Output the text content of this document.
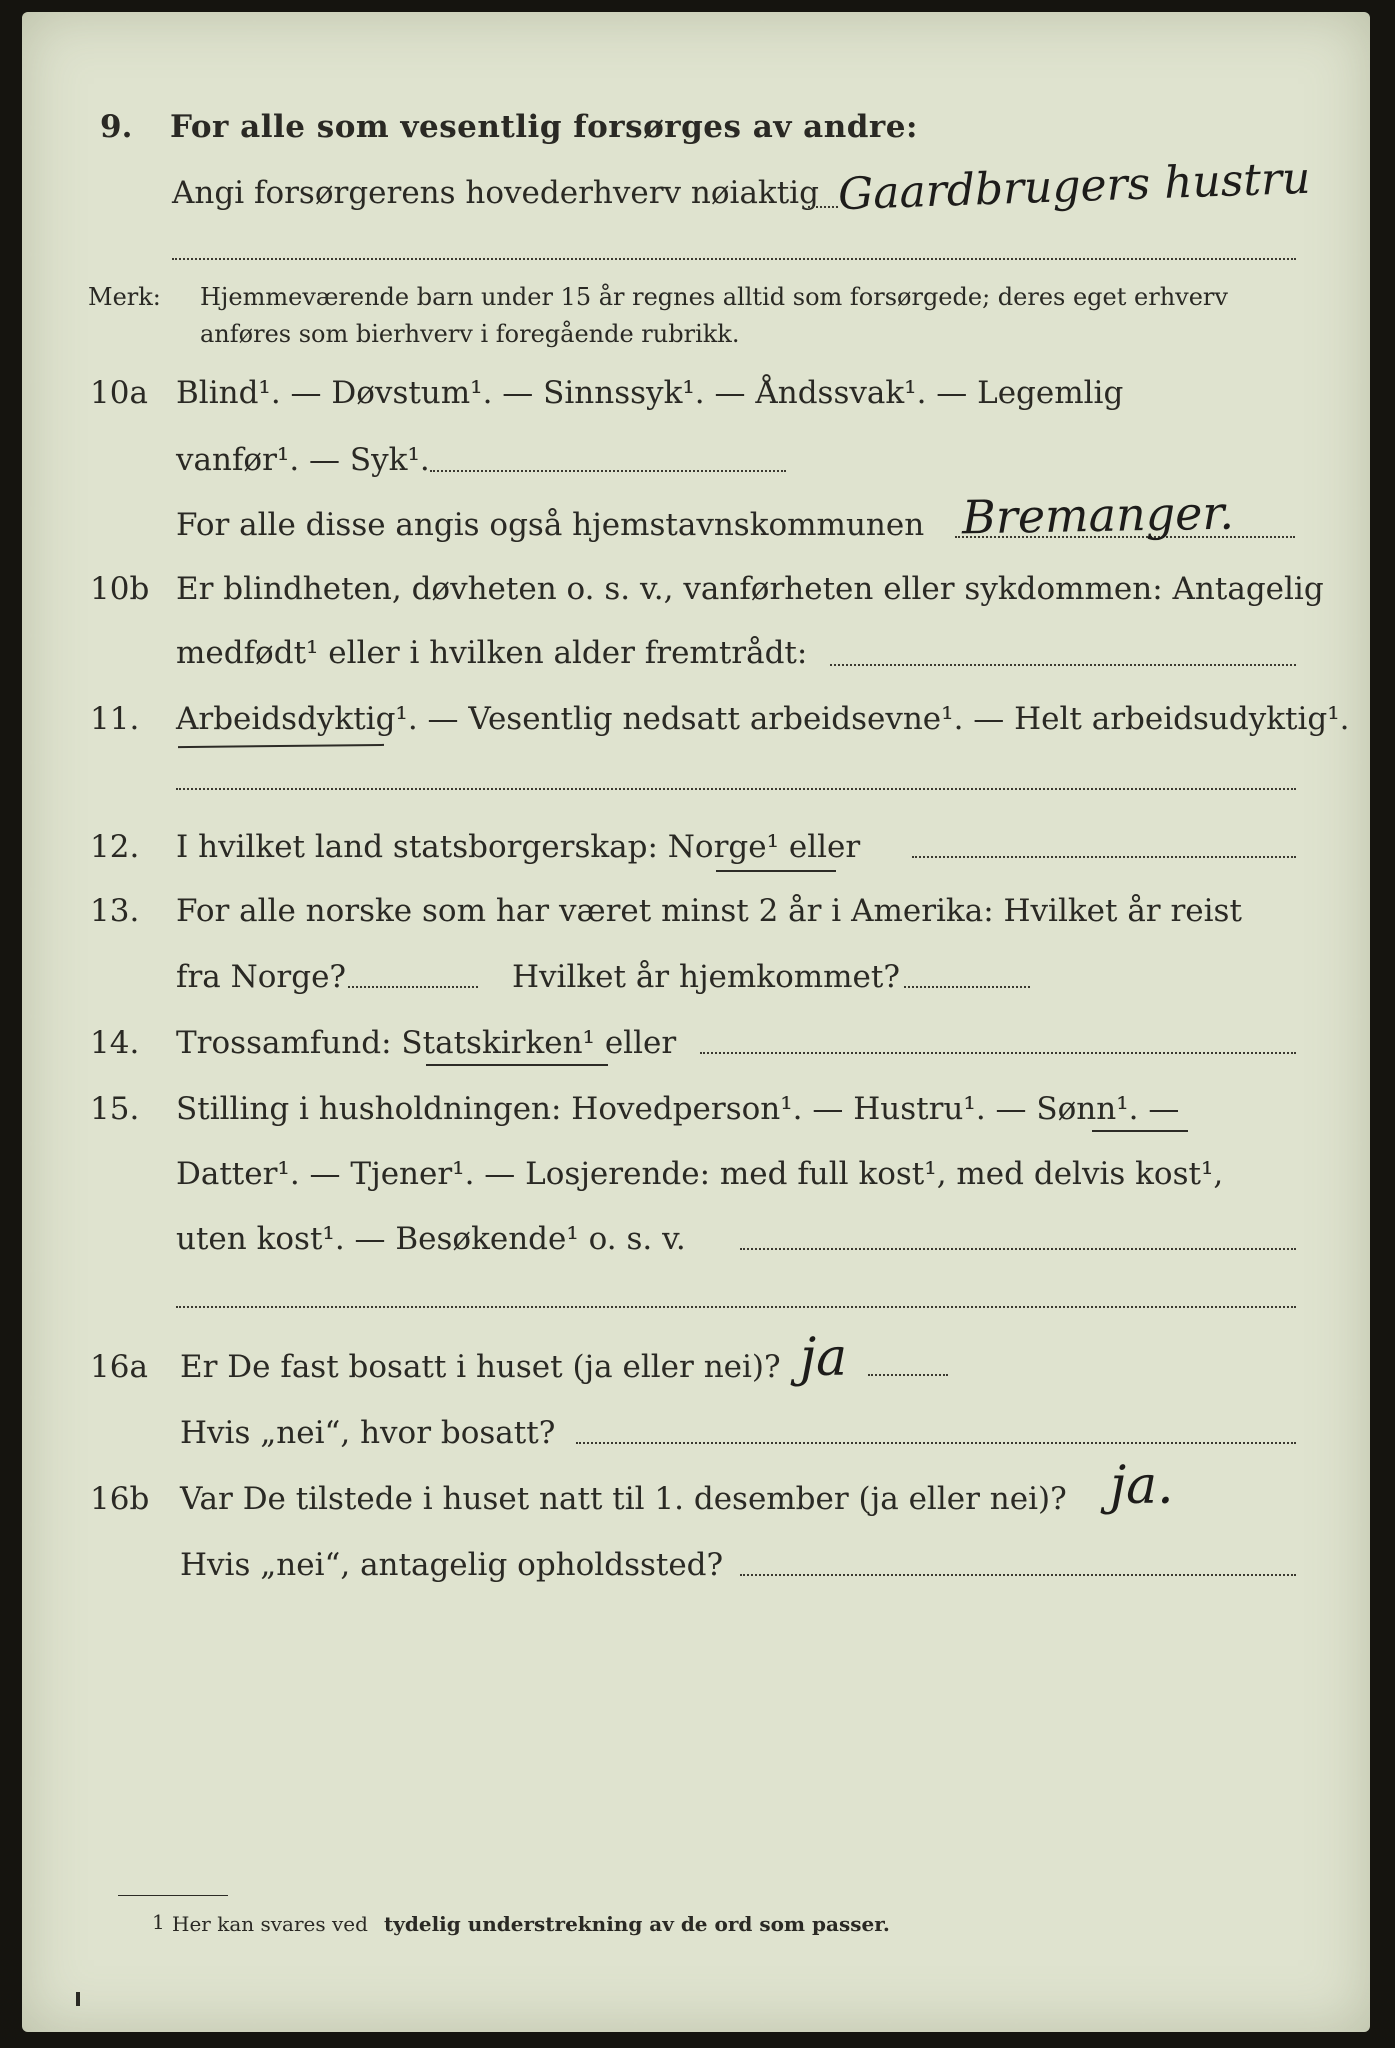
9. For alle som vesentlig forsørges av andre:
Angi forsørgerens hovederhverv nøiaktig Gaardbrugers hustru
Merk: Hjemmeværende barn under 15 år regnes alltid som forsørgede; deres eget erhverv
anføres som bierhverv i foregående rubrikk.
10a Blind¹. — Døvstum¹. — Sinnssyk¹. — Åndssvak¹. — Legemlig
vanfør¹. — Syk¹.
For alle disse angis også hjemstavnskommunen Bremanger.
10b Er blindheten, døvheten o. s. v., vanførheten eller sykdommen: Antagelig
medfødt¹ eller i hvilken alder fremtrådt:
11. Arbeidsdyktig¹. — Vesentlig nedsatt arbeidsevne¹. — Helt arbeidsudyktig¹.
12. I hvilket land statsborgerskap: Norge¹ eller
13. For alle norske som har været minst 2 år i Amerika: Hvilket år reist
fra Norge?	Hvilket år hjemkommet?
14. Trossamfund: Statskirken¹ eller
15. Stilling i husholdningen: Hovedperson¹. — Hustru¹. — Sønn¹. —
Datter¹. — Tjener¹. — Losjerende: med full kost¹, med delvis kost¹,
uten kost¹. — Besøkende¹ o. s. v.
16a Er De fast bosatt i huset (ja eller nei)? ja
Hvis „nei“, hvor bosatt?
16b Var De tilstede i huset natt til 1. desember (ja eller nei)? ja.
Hvis „nei“, antagelig opholdssted?
1 Her kan svares ved tydelig understrekning av de ord som passer.
